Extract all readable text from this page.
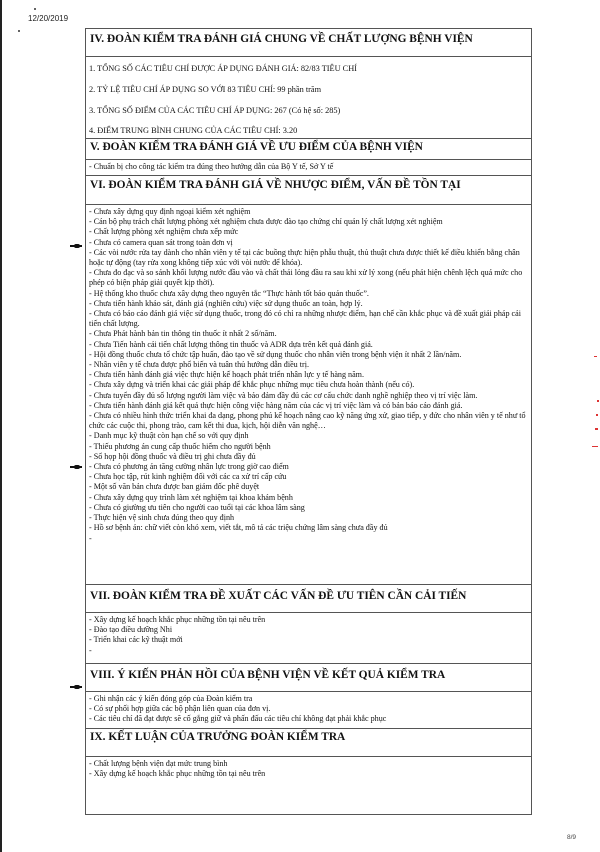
12/20/2019
IV. ĐOÀN KIỂM TRA ĐÁNH GIÁ CHUNG VỀ CHẤT LƯỢNG BỆNH VIỆN
1. TỔNG SỐ CÁC TIÊU CHÍ ĐƯỢC ÁP DỤNG ĐÁNH GIÁ: 82/83 TIÊU CHÍ
2. TỶ LỆ TIÊU CHÍ ÁP DỤNG SO VỚI 83 TIÊU CHÍ: 99 phần trăm
3. TỔNG SỐ ĐIỂM CỦA CÁC TIÊU CHÍ ÁP DỤNG: 267 (Có hệ số: 285)
4. ĐIỂM TRUNG BÌNH CHUNG CỦA CÁC TIÊU CHÍ: 3.20
V. ĐOÀN KIỂM TRA ĐÁNH GIÁ VỀ ƯU ĐIỂM CỦA BỆNH VIỆN
- Chuẩn bị cho công tác kiểm tra đúng theo hướng dẫn của Bộ Y tế, Sở Y tế
VI. ĐOÀN KIỂM TRA ĐÁNH GIÁ VỀ NHƯỢC ĐIỂM, VẤN ĐỀ TỒN TẠI
- Chưa xây dựng quy định ngoại kiểm xét nghiệm
- Cán bộ phụ trách chất lượng phòng xét nghiệm chưa được đào tạo chứng chỉ quản lý chất lượng xét nghiệm
- Chất lượng phòng xét nghiệm chưa xếp mức
- Chưa có camera quan sát trong toàn đơn vị
- Các vòi nước rửa tay dành cho nhân viên y tế tại các buồng thực hiện phẫu thuật, thủ thuật chưa được thiết kế điều khiển bằng chân hoặc tự động (tay rửa xong không tiếp xúc với vòi nước để khóa).
- Chưa đo đạc và so sánh khối lượng nước đầu vào và chất thải lỏng đầu ra sau khi xử lý xong (nếu phát hiện chênh lệch quá mức cho phép có biện pháp giải quyết kịp thời).
- Hệ thống kho thuốc chưa xây dựng theo nguyên tắc “Thực hành tốt bảo quản thuốc”.
- Chưa tiến hành khảo sát, đánh giá (nghiên cứu) việc sử dụng thuốc an toàn, hợp lý.
- Chưa có báo cáo đánh giá việc sử dụng thuốc, trong đó có chỉ ra những nhược điểm, hạn chế cần khắc phục và đề xuất giải pháp cải tiến chất lượng.
- Chưa Phát hành bản tin thông tin thuốc ít nhất 2 số/năm.
- Chưa Tiến hành cải tiến chất lượng thông tin thuốc và ADR dựa trên kết quả đánh giá.
- Hội đồng thuốc chưa tổ chức tập huấn, đào tạo về sử dụng thuốc cho nhân viên trong bệnh viện ít nhất 2 lần/năm.
- Nhân viên y tế chưa được phổ biến và tuân thủ hướng dẫn điều trị.
- Chưa tiến hành đánh giá việc thực hiện kế hoạch phát triển nhân lực y tế hàng năm.
- Chưa xây dựng và triển khai các giải pháp để khắc phục những mục tiêu chưa hoàn thành (nếu có).
- Chưa tuyển đầy đủ số lượng người làm việc và bảo đảm đầy đủ các cơ cấu chức danh nghề nghiệp theo vị trí việc làm.
- Chưa tiến hành đánh giá kết quả thực hiện công việc hàng năm của các vị trí việc làm và có bản báo cáo đánh giá.
- Chưa có nhiều hình thức triển khai đa dạng, phong phú kế hoạch nâng cao kỹ năng ứng xử, giao tiếp, y đức cho nhân viên y tế như tổ chức các cuộc thi, phong trào, cam kết thi đua, kịch, hội diễn văn nghệ…
- Danh mục kỹ thuật còn hạn chế so với quy định
- Thiếu phương án cung cấp thuốc hiếm cho người bệnh
- Sổ họp hội đồng thuốc và điều trị ghi chưa đầy đủ
- Chưa có phương án tăng cường nhân lực trong giờ cao điểm
- Chưa học tập, rút kinh nghiệm đối với các ca xử trí cấp cứu
- Một số văn bản chưa được ban giám đốc phê duyệt
- Chưa xây dựng quy trình làm xét nghiệm tại khoa khám bệnh
- Chưa có giường ưu tiên cho người cao tuổi tại các khoa lâm sàng
- Thực hiện vệ sinh chưa đúng theo quy định
- Hồ sơ bệnh án: chữ viết còn khó xem, viết tắt, mô tả các triệu chứng lâm sàng chưa đầy đủ
-
VII. ĐOÀN KIỂM TRA ĐỀ XUẤT CÁC VẤN ĐỀ ƯU TIÊN CẦN CẢI TIẾN
- Xây dựng kế hoạch khắc phục những tồn tại nêu trên
- Đào tạo điều dưỡng Nhi
- Triển khai các kỹ thuật mới
-
VIII. Ý KIẾN PHẢN HỒI CỦA BỆNH VIỆN VỀ KẾT QUẢ KIỂM TRA
- Ghi nhận các ý kiến đóng góp của Đoàn kiểm tra
- Có sự phối hợp giữa các bộ phận liên quan của đơn vị.
- Các tiêu chí đã đạt được sẽ cố gắng giữ và phấn đấu các tiêu chí không đạt phải khắc phục
IX. KẾT LUẬN CỦA TRƯỞNG ĐOÀN KIỂM TRA
- Chất lượng bệnh viện đạt mức trung bình
- Xây dựng kế hoạch khắc phục những tồn tại nêu trên
8/9
